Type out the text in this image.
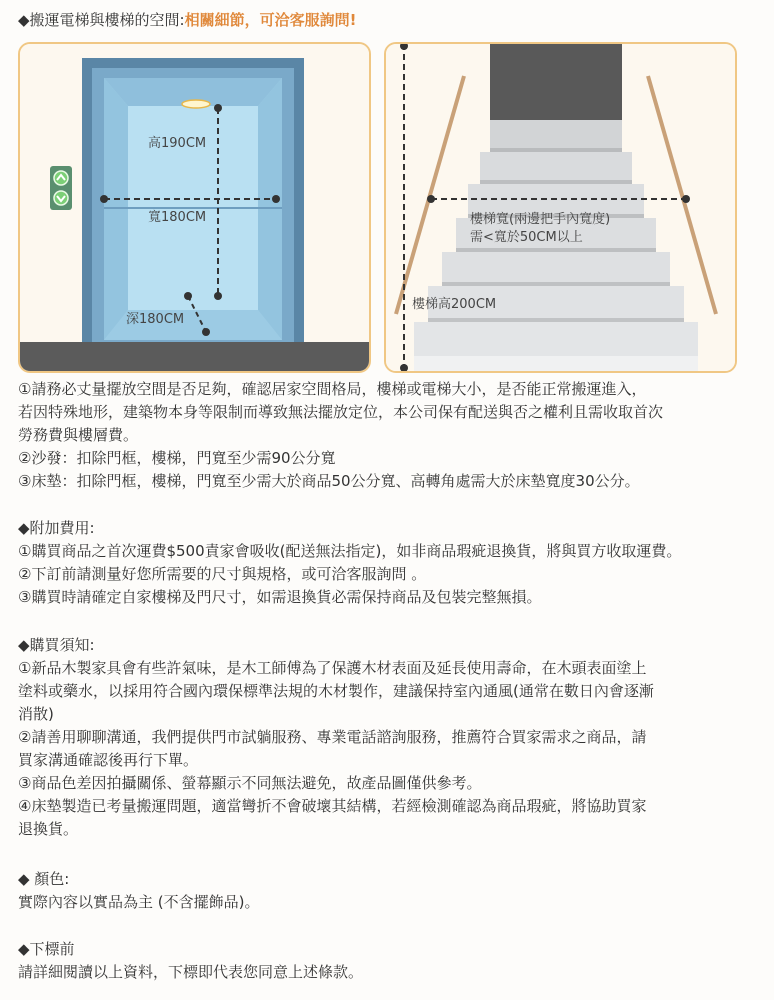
◆搬運電梯與樓梯的空間:相關細節，可洽客服詢問!
高190CM
寬180CM
深180CM
樓梯寬(兩邊把手內寬度)
需<寬於50CM以上
樓梯高200CM

①請務必丈量擺放空間是否足夠，確認居家空間格局，樓梯或電梯大小，是否能正常搬運進入，

若因特殊地形，建築物本身等限制而導致無法擺放定位，本公司保有配送與否之權利且需收取首次

勞務費與樓層費。

②沙發：扣除門框，樓梯，門寬至少需90公分寬

③床墊：扣除門框，樓梯，門寬至少需大於商品50公分寬、高轉角處需大於床墊寬度30公分。

◆附加費用:

①購買商品之首次運費$500責家會吸收(配送無法指定)，如非商品瑕疵退換貨，將與買方收取運費。

②下訂前請測量好您所需要的尺寸與規格，或可洽客服詢問 。

③購買時請確定自家樓梯及門尺寸，如需退換貨必需保持商品及包裝完整無損。

◆購買須知:

①新品木製家具會有些許氣味，是木工師傅為了保護木材表面及延長使用壽命，在木頭表面塗上

塗料或藥水，以採用符合國內環保標準法規的木材製作，建議保持室內通風(通常在數日內會逐漸

消散)

②請善用聊聊溝通，我們提供門市試躺服務、專業電話諮詢服務，推薦符合買家需求之商品，請

買家溝通確認後再行下單。

③商品色差因拍攝關係、螢幕顯示不同無法避免，故產品圖僅供參考。

④床墊製造已考量搬運問題，適當彎折不會破壞其結構，若經檢測確認為商品瑕疵，將協助買家

退換貨。

◆ 顏色:

實際內容以實品為主 (不含擺飾品)。

◆下標前

請詳細閱讀以上資料，下標即代表您同意上述條款。
